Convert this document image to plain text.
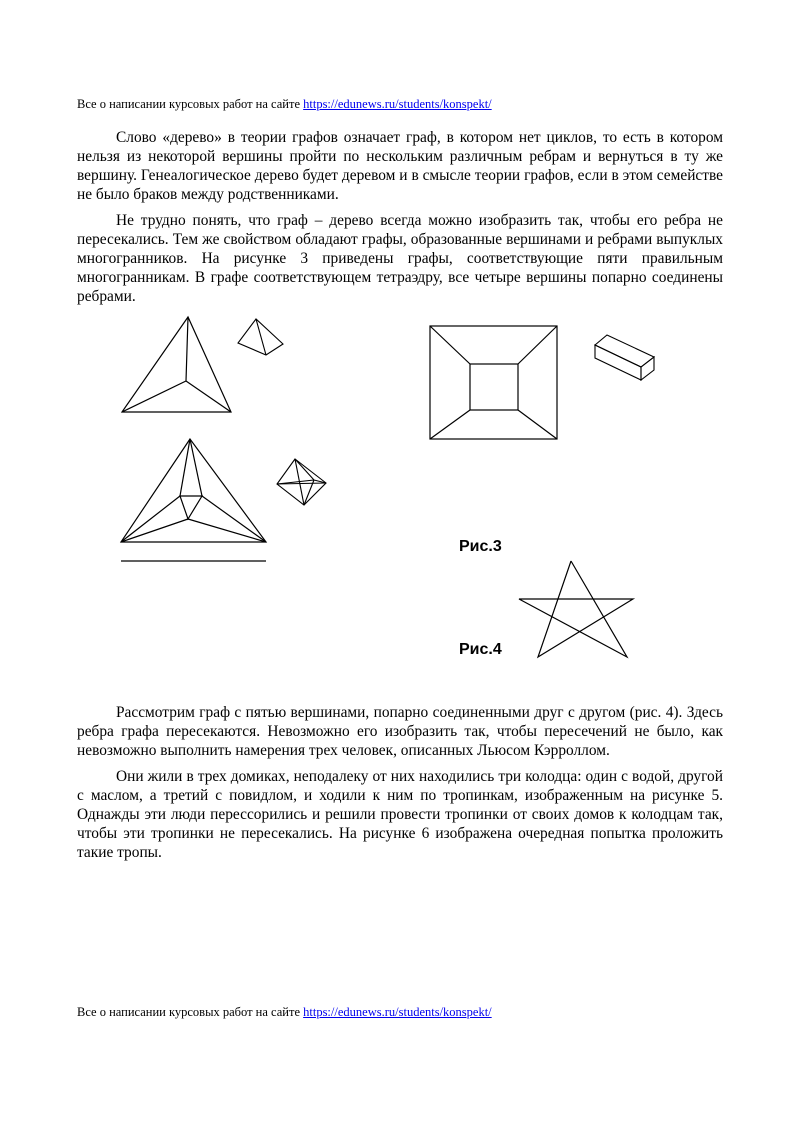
Все о написании курсовых работ на сайте https://edunews.ru/students/konspekt/

Слово «дерево» в теории графов означает граф, в котором нет циклов, то есть в котором нельзя из некоторой вершины пройти по нескольким различным ребрам и вернуться в ту же вершину. Генеалогическое дерево будет деревом и в смысле теории графов, если в этом семействе не было браков между родственниками.

Не трудно понять, что граф – дерево всегда можно изобразить так, чтобы его ребра не пересекались. Тем же свойством обладают графы, образованные вершинами и ребрами выпуклых многогранников. На рисунке 3 приведены графы, соответствующие пяти правильным многогранникам. В графе соответствующем тетраэдру, все четыре вершины попарно соединены ребрами.

Рис.3
Рис.4

Рассмотрим граф с пятью вершинами, попарно соединенными друг с другом (рис. 4). Здесь ребра графа пересекаются. Невозможно его изобразить так, чтобы пересечений не было, как невозможно выполнить намерения трех человек, описанных Льюсом Кэрроллом.

Они жили в трех домиках, неподалеку от них находились три колодца: один с водой, другой с маслом, а третий с повидлом, и ходили к ним по тропинкам, изображенным на рисунке 5. Однажды эти люди перессорились и решили провести тропинки от своих домов к колодцам так, чтобы эти тропинки не пересекались. На рисунке 6 изображена очередная попытка проложить такие тропы.

Все о написании курсовых работ на сайте https://edunews.ru/students/konspekt/
